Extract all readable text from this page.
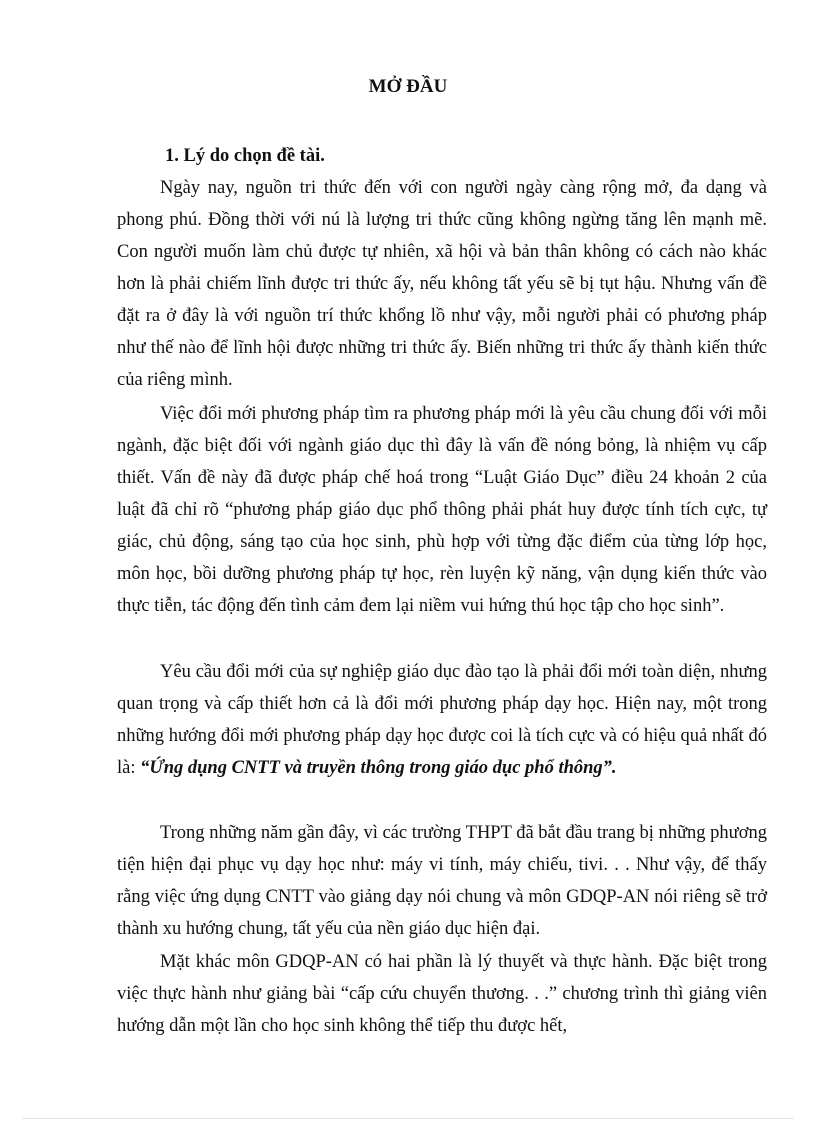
MỞ ĐẦU
1. Lý do chọn đề tài.

Ngày nay, nguồn tri thức đến với con người ngày càng rộng mở, đa dạng và phong phú. Đồng thời với nú là lượng tri thức cũng không ngừng tăng lên mạnh mẽ. Con người muốn làm chủ được tự nhiên, xã hội và bản thân không có cách nào khác hơn là phải chiếm lĩnh được tri thức ấy, nếu không tất yếu sẽ bị tụt hậu. Nhưng vấn đề đặt ra ở đây là với nguồn trí thức khổng lồ như vậy, mỗi người phải có phương pháp như thế nào để lĩnh hội được những tri thức ấy. Biến những tri thức ấy thành kiến thức của riêng mình.

Việc đổi mới phương pháp tìm ra phương pháp mới là yêu cầu chung đối với mỗi ngành, đặc biệt đối với ngành giáo dục thì đây là vấn đề nóng bỏng, là nhiệm vụ cấp thiết. Vấn đề này đã được pháp chế hoá trong “Luật Giáo Dục” điều 24 khoản 2 của luật đã chỉ rõ “phương pháp giáo dục phổ thông phải phát huy được tính tích cực, tự giác, chủ động, sáng tạo của học sinh, phù hợp với từng đặc điểm của từng lớp học, môn học, bồi dưỡng phương pháp tự học, rèn luyện kỹ năng, vận dụng kiến thức vào thực tiễn, tác động đến tình cảm đem lại niềm vui hứng thú học tập cho học sinh”.

Yêu cầu đổi mới của sự nghiệp giáo dục đào tạo là phải đổi mới toàn diện, nhưng quan trọng và cấp thiết hơn cả là đổi mới phương pháp dạy học. Hiện nay, một trong những hướng đổi mới phương pháp dạy học được coi là tích cực và có hiệu quả nhất đó là: “Ứng dụng CNTT và truyền thông trong giáo dục phổ thông”.

Trong những năm gần đây, vì các trường THPT đã bắt đầu trang bị những phương tiện hiện đại phục vụ dạy học như: máy vi tính, máy chiếu, tivi. . . Như vậy, để thấy rằng việc ứng dụng CNTT vào giảng dạy nói chung và môn GDQP-AN nói riêng sẽ trở thành xu hướng chung, tất yếu của nền giáo dục hiện đại.

Mặt khác môn GDQP-AN có hai phần là lý thuyết và thực hành. Đặc biệt trong việc thực hành như giảng bài “cấp cứu chuyển thương. . .” chương trình thì giảng viên hướng dẫn một lần cho học sinh không thể tiếp thu được hết,
